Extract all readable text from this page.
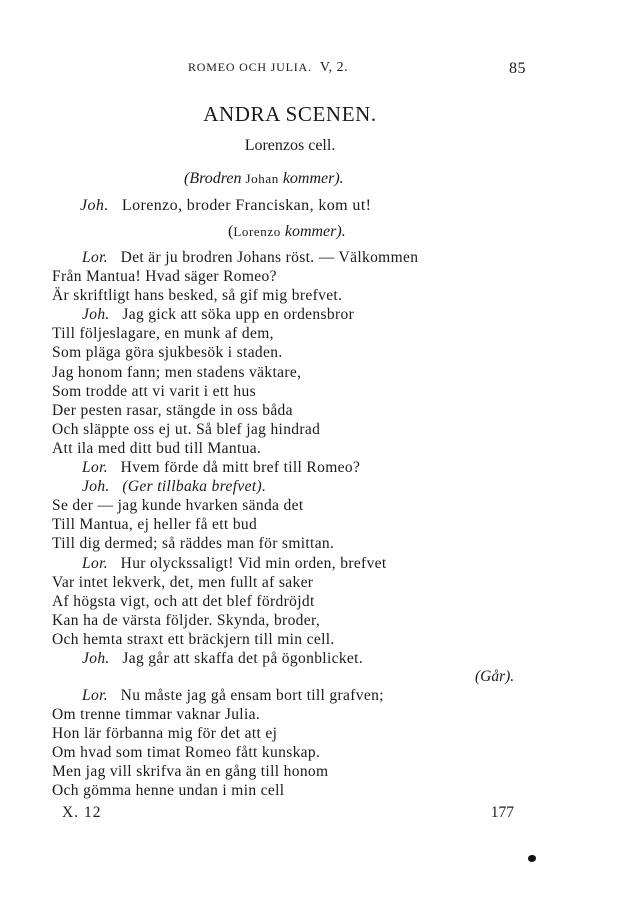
ROMEO OCH JULIA. V, 2.	85
ANDRA SCENEN.
Lorenzos cell.
(Brodren Johan kommer).
Joh. Lorenzo, broder Franciskan, kom ut!
(Lorenzo kommer).
Lor. Det är ju brodren Johans röst. — Välkommen
Från Mantua! Hvad säger Romeo?
Är skriftligt hans besked, så gif mig brefvet.
Joh. Jag gick att söka upp en ordensbror
Till följeslagare, en munk af dem,
Som pläga göra sjukbesök i staden.
Jag honom fann; men stadens väktare,
Som trodde att vi varit i ett hus
Der pesten rasar, stängde in oss båda
Och släppte oss ej ut. Så blef jag hindrad
Att ila med ditt bud till Mantua.
Lor. Hvem förde då mitt bref till Romeo?
Joh. (Ger tillbaka brefvet).
Se der — jag kunde hvarken sända det
Till Mantua, ej heller få ett bud
Till dig dermed; så räddes man för smittan.
Lor. Hur olyckssaligt! Vid min orden, brefvet
Var intet lekverk, det, men fullt af saker
Af högsta vigt, och att det blef fördröjdt
Kan ha de värsta följder. Skynda, broder,
Och hemta straxt ett bräckjern till min cell.
Joh. Jag går att skaffa det på ögonblicket.
(Går).
Lor. Nu måste jag gå ensam bort till grafven;
Om trenne timmar vaknar Julia.
Hon lär förbanna mig för det att ej
Om hvad som timat Romeo fått kunskap.
Men jag vill skrifva än en gång till honom
Och gömma henne undan i min cell
X. 12	177
